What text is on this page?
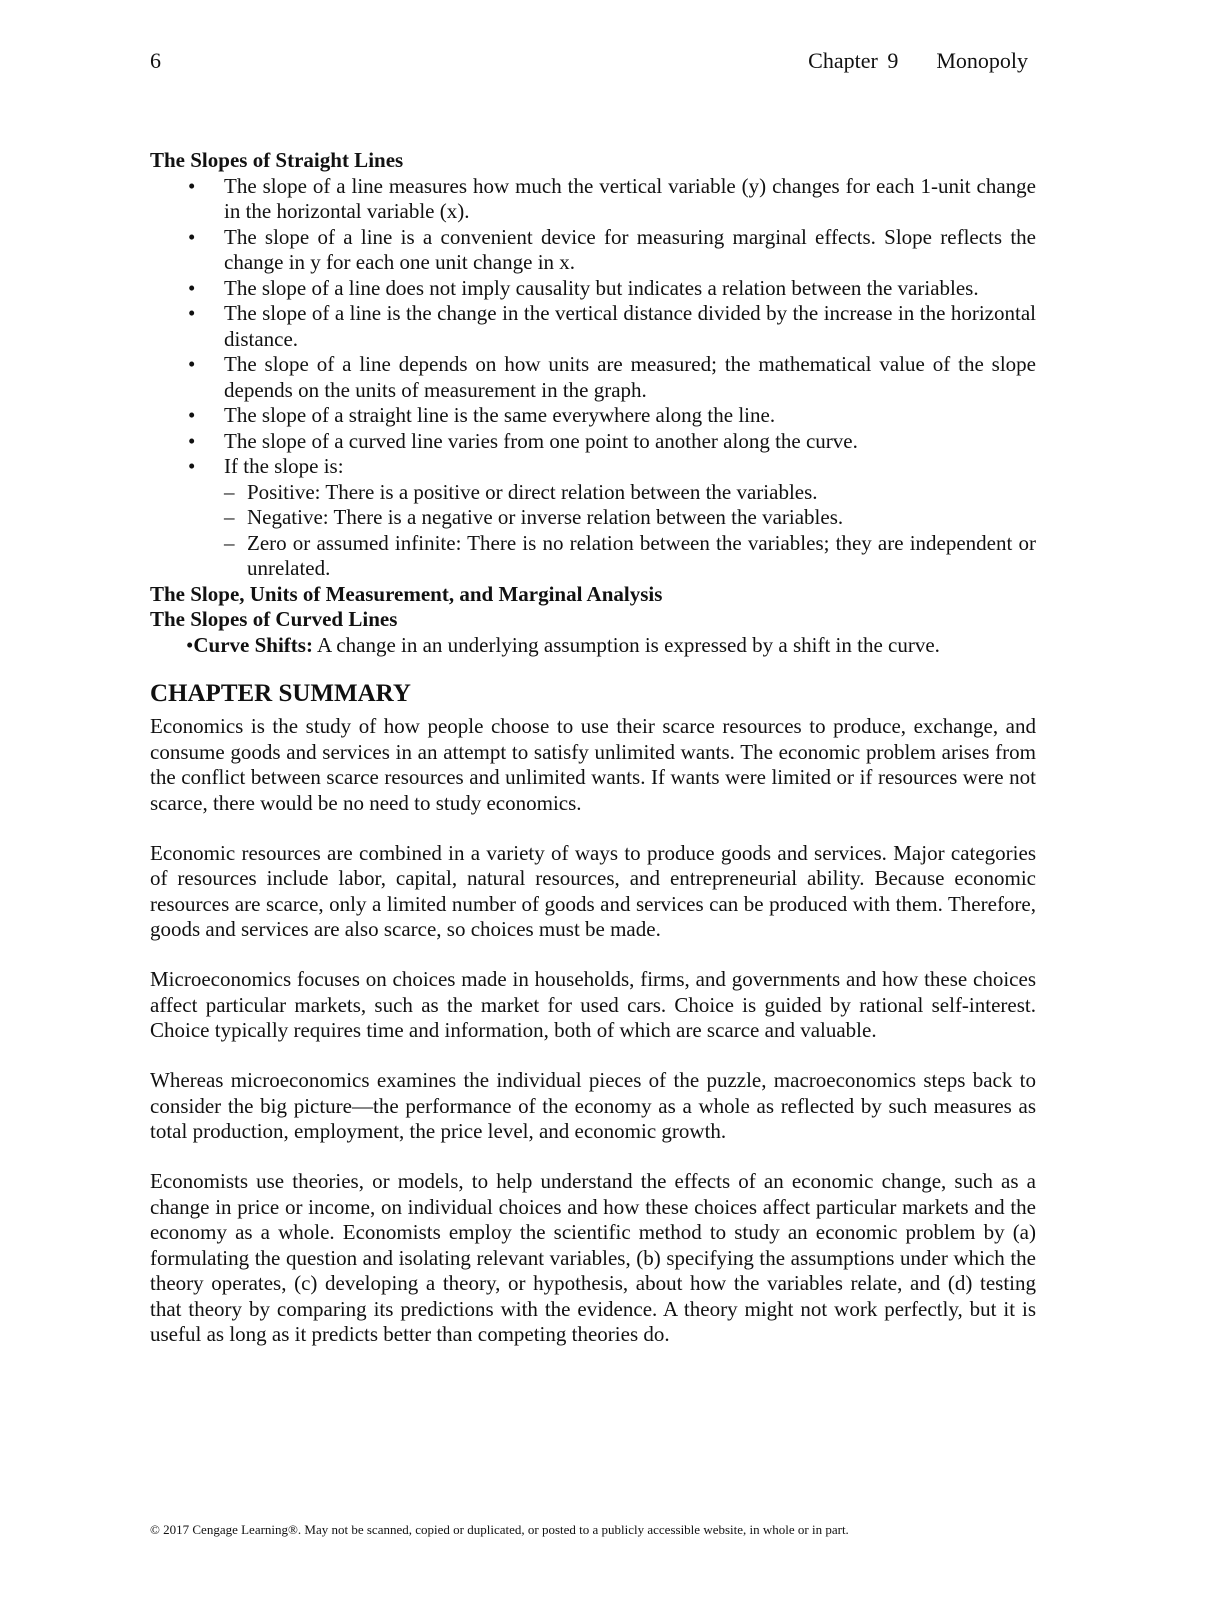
6	Chapter 9    Monopoly
The Slopes of Straight Lines
• The slope of a line measures how much the vertical variable (y) changes for each 1-unit change in the horizontal variable (x).
• The slope of a line is a convenient device for measuring marginal effects. Slope reflects the change in y for each one unit change in x.
• The slope of a line does not imply causality but indicates a relation between the variables.
• The slope of a line is the change in the vertical distance divided by the increase in the horizontal distance.
• The slope of a line depends on how units are measured; the mathematical value of the slope depends on the units of measurement in the graph.
• The slope of a straight line is the same everywhere along the line.
• The slope of a curved line varies from one point to another along the curve.
• If the slope is:
– Positive: There is a positive or direct relation between the variables.
– Negative: There is a negative or inverse relation between the variables.
– Zero or assumed infinite: There is no relation between the variables; they are independent or unrelated.
The Slope, Units of Measurement, and Marginal Analysis
The Slopes of Curved Lines
•Curve Shifts: A change in an underlying assumption is expressed by a shift in the curve.
CHAPTER SUMMARY

Economics is the study of how people choose to use their scarce resources to produce, exchange, and consume goods and services in an attempt to satisfy unlimited wants. The economic problem arises from the conflict between scarce resources and unlimited wants. If wants were limited or if resources were not scarce, there would be no need to study economics.

Economic resources are combined in a variety of ways to produce goods and services. Major categories of resources include labor, capital, natural resources, and entrepreneurial ability. Because economic resources are scarce, only a limited number of goods and services can be produced with them. Therefore, goods and services are also scarce, so choices must be made.

Microeconomics focuses on choices made in households, firms, and governments and how these choices affect particular markets, such as the market for used cars. Choice is guided by rational self-interest. Choice typically requires time and information, both of which are scarce and valuable.

Whereas microeconomics examines the individual pieces of the puzzle, macroeconomics steps back to consider the big picture—the performance of the economy as a whole as reflected by such measures as total production, employment, the price level, and economic growth.

Economists use theories, or models, to help understand the effects of an economic change, such as a change in price or income, on individual choices and how these choices affect particular markets and the economy as a whole. Economists employ the scientific method to study an economic problem by (a) formulating the question and isolating relevant variables, (b) specifying the assumptions under which the theory operates, (c) developing a theory, or hypothesis, about how the variables relate, and (d) testing that theory by comparing its predictions with the evidence. A theory might not work perfectly, but it is useful as long as it predicts better than competing theories do.

© 2017 Cengage Learning®. May not be scanned, copied or duplicated, or posted to a publicly accessible website, in whole or in part.
